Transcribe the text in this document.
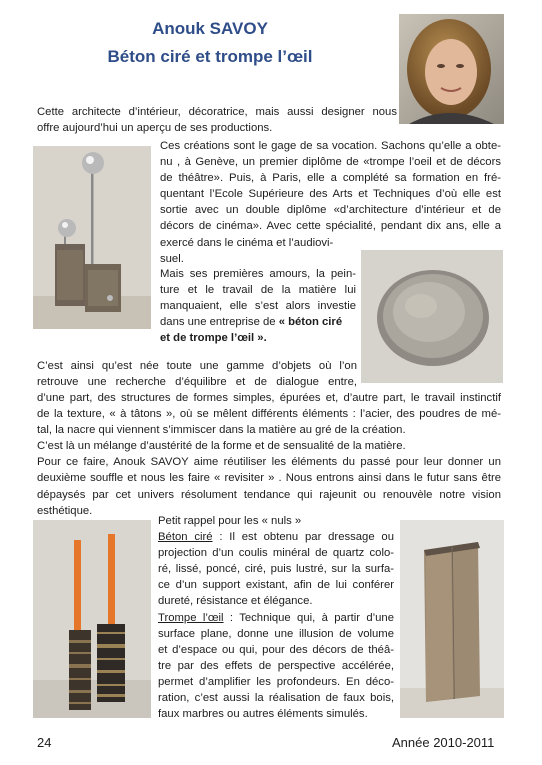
Anouk SAVOY
Béton ciré et trompe l’œil
Cette architecte d’intérieur, décoratrice, mais aussi designer nous
offre aujourd’hui un aperçu de ses productions.
Ces créations sont le gage de sa vocation. Sachons qu’elle a obte-
nu , à Genève, un premier diplôme de «trompe l’oeil et de décors
de théâtre». Puis, à Paris, elle a complété sa formation en fré-
quentant l’Ecole Supérieure des Arts et Techniques d’où elle est
sortie avec un double diplôme «d’architecture d’intérieur et de
décors de cinéma». Avec cette spécialité, pendant dix ans, elle a
exercé dans le cinéma et l’audiovi-
suel.
Mais ses premières amours, la pein-
ture et le travail de la matière lui
manquaient, elle s’est alors investie
dans une entreprise de « béton ciré
et de trompe l’œil ».
C’est ainsi qu’est née toute une gamme d’objets où l’on
retrouve une recherche d’équilibre et de dialogue entre,
d’une part, des structures de formes simples, épurées et, d’autre part, le travail instinctif
de la texture, « à tâtons », où se mêlent différents éléments : l’acier, des poudres de mé-
tal, la nacre qui viennent s’immiscer dans la matière au gré de la création.
C’est là un mélange d’austérité de la forme et de sensualité de la matière.
Pour ce faire, Anouk SAVOY aime réutiliser les éléments du passé pour leur donner un
deuxième souffle et nous les faire « revisiter » . Nous entrons ainsi dans le futur sans être
dépaysés par cet univers résolument tendance qui rajeunit ou renouvèle notre vision
esthétique.
Petit rappel pour les « nuls »
Béton ciré : Il est obtenu par dressage ou
projection d’un coulis minéral de quartz colo-
ré, lissé, poncé, ciré, puis lustré, sur la surfa-
ce d’un support existant, afin de lui conférer
dureté, résistance et élégance.
Trompe l’œil : Technique qui, à partir d’une
surface plane, donne une illusion de volume
et d’espace ou qui, pour des décors de théâ-
tre par des effets de perspective accélérée,
permet d’amplifier les profondeurs. En déco-
ration, c’est aussi la réalisation de faux bois,
faux marbres ou autres éléments simulés.
24	Année 2010-2011
